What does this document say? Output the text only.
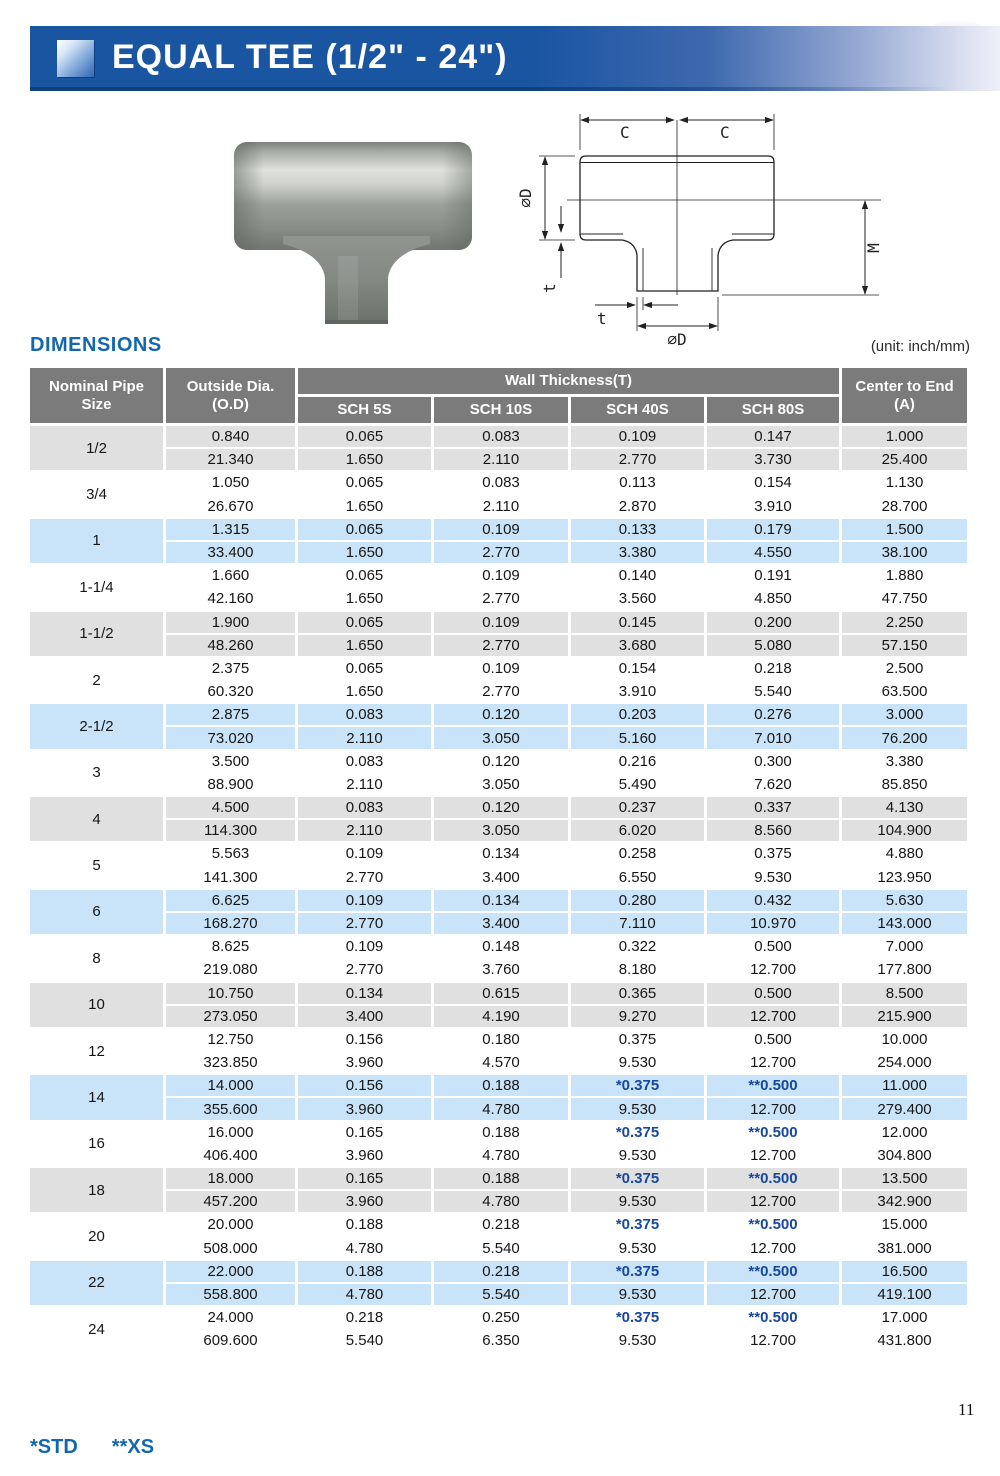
EQUAL TEE (1/2" - 24")
C	C
⌀D
t
M
t
⌀D
DIMENSIONS	(unit: inch/mm)
Nominal Pipe Size	Outside Dia. (O.D)	Wall Thickness(T)				Center to End (A)
		SCH 5S	SCH 10S	SCH 40S	SCH 80S	
1/2	0.840	0.065	0.083	0.109	0.147	1.000
	21.340	1.650	2.110	2.770	3.730	25.400
3/4	1.050	0.065	0.083	0.113	0.154	1.130
	26.670	1.650	2.110	2.870	3.910	28.700
1	1.315	0.065	0.109	0.133	0.179	1.500
	33.400	1.650	2.770	3.380	4.550	38.100
1-1/4	1.660	0.065	0.109	0.140	0.191	1.880
	42.160	1.650	2.770	3.560	4.850	47.750
1-1/2	1.900	0.065	0.109	0.145	0.200	2.250
	48.260	1.650	2.770	3.680	5.080	57.150
2	2.375	0.065	0.109	0.154	0.218	2.500
	60.320	1.650	2.770	3.910	5.540	63.500
2-1/2	2.875	0.083	0.120	0.203	0.276	3.000
	73.020	2.110	3.050	5.160	7.010	76.200
3	3.500	0.083	0.120	0.216	0.300	3.380
	88.900	2.110	3.050	5.490	7.620	85.850
4	4.500	0.083	0.120	0.237	0.337	4.130
	114.300	2.110	3.050	6.020	8.560	104.900
5	5.563	0.109	0.134	0.258	0.375	4.880
	141.300	2.770	3.400	6.550	9.530	123.950
6	6.625	0.109	0.134	0.280	0.432	5.630
	168.270	2.770	3.400	7.110	10.970	143.000
8	8.625	0.109	0.148	0.322	0.500	7.000
	219.080	2.770	3.760	8.180	12.700	177.800
10	10.750	0.134	0.615	0.365	0.500	8.500
	273.050	3.400	4.190	9.270	12.700	215.900
12	12.750	0.156	0.180	0.375	0.500	10.000
	323.850	3.960	4.570	9.530	12.700	254.000
14	14.000	0.156	0.188	*0.375	**0.500	11.000
	355.600	3.960	4.780	9.530	12.700	279.400
16	16.000	0.165	0.188	*0.375	**0.500	12.000
	406.400	3.960	4.780	9.530	12.700	304.800
18	18.000	0.165	0.188	*0.375	**0.500	13.500
	457.200	3.960	4.780	9.530	12.700	342.900
20	20.000	0.188	0.218	*0.375	**0.500	15.000
	508.000	4.780	5.540	9.530	12.700	381.000
22	22.000	0.188	0.218	*0.375	**0.500	16.500
	558.800	4.780	5.540	9.530	12.700	419.100
24	24.000	0.218	0.250	*0.375	**0.500	17.000
	609.600	5.540	6.350	9.530	12.700	431.800
*STD **XS
11
